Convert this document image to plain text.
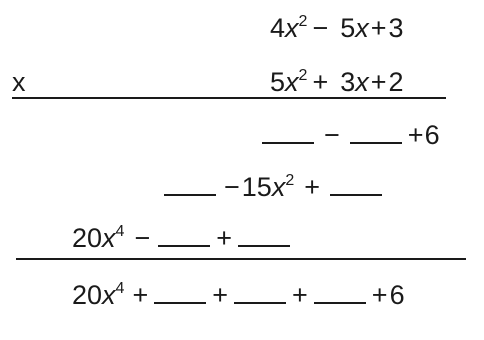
$4x^2 - 5x+3$
x	$5x^2 + 3x+2$
−	+6
$-15x^2$ +
$20x^4$ − +
$20x^4$ + + + +6
